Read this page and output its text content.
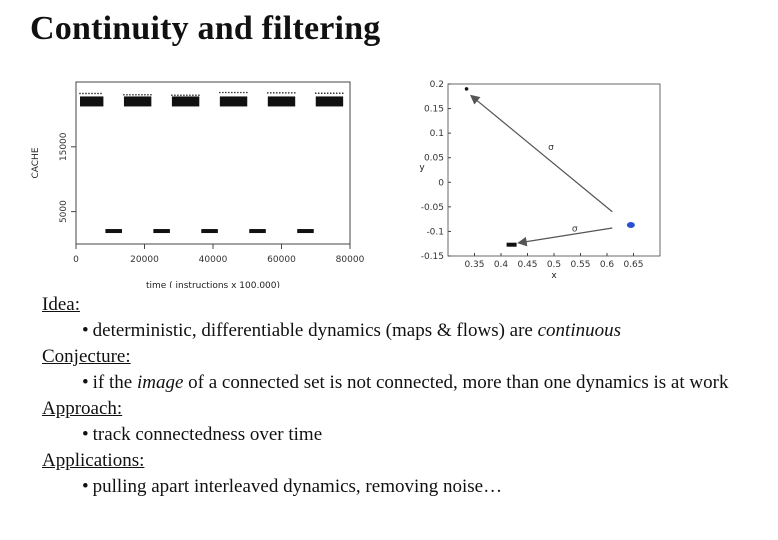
Continuity and filtering
0	20000	40000	60000	80000
5000
15000
time ( instructions x 100,000)
CACHE
0.35 0.4 0.45 0.5 0.55 0.6 0.65
-0.15
-0.1
-0.05
0
0.05
0.1
0.15
0.2
x
y
σ
σ
Idea:
• deterministic, differentiable dynamics (maps & flows) are continuous
Conjecture:
• if the image of a connected set is not connected, more than one dynamics is at work
Approach:
• track connectedness over time
Applications:
• pulling apart interleaved dynamics, removing noise…
